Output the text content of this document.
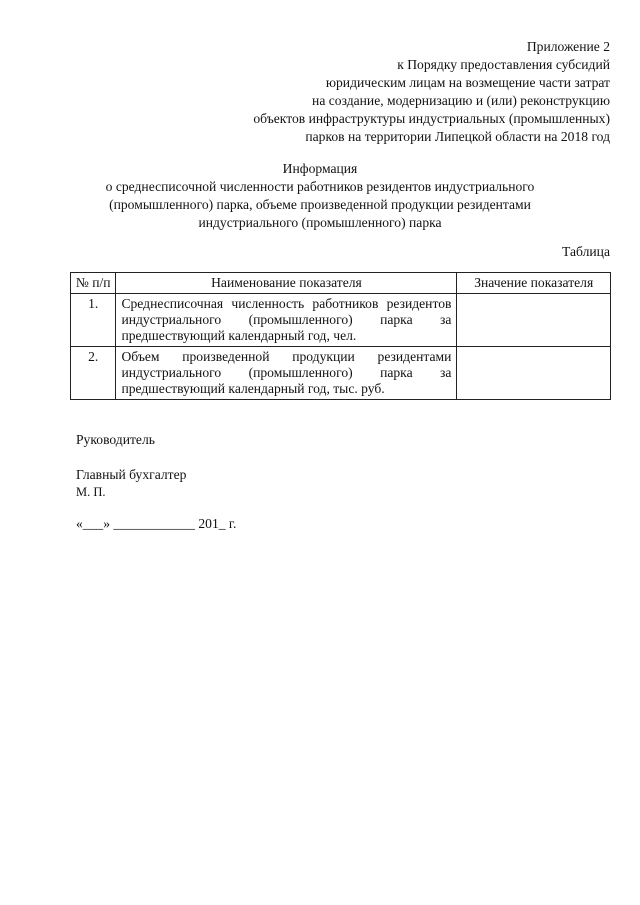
Приложение 2
к Порядку предоставления субсидий
юридическим лицам на возмещение части затрат
на создание, модернизацию и (или) реконструкцию
объектов инфраструктуры индустриальных (промышленных)
парков на территории Липецкой области на 2018 год
Информация
о среднесписочной численности работников резидентов индустриального
(промышленного) парка, объеме произведенной продукции резидентами
индустриального (промышленного) парка
Таблица
№ п/п	Наименование показателя	Значение показателя
1.	Среднесписочная численность работников резидентов индустриального (промышленного) парка за предшествующий календарный год, чел.	
2.	Объем произведенной продукции резидентами индустриального (промышленного) парка за предшествующий календарный год, тыс. руб.	
Руководитель
Главный бухгалтер
М. П.
«___» ____________ 201_ г.
